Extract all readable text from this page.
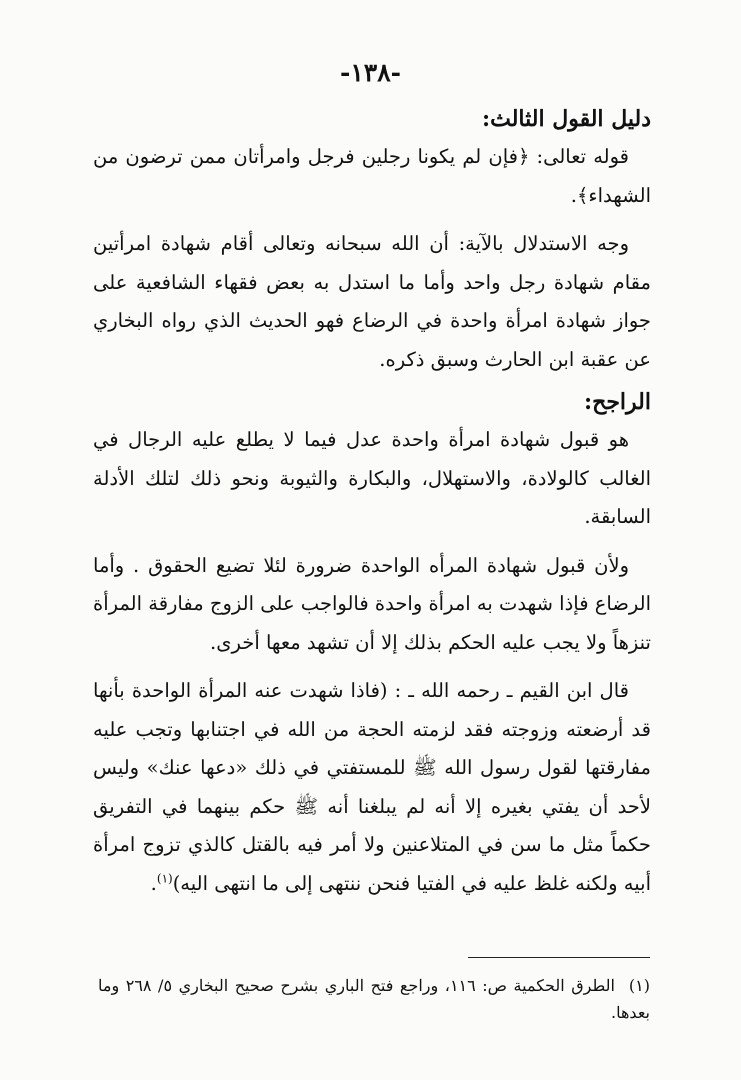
-١٣٨-
دليل القول الثالث:

قوله تعالى: ﴿فإن لم يكونا رجلين فرجل وامرأتان ممن ترضون من الشهداء﴾.

وجه الاستدلال بالآية: أن الله سبحانه وتعالى أقام شهادة امرأتين مقام شهادة رجل واحد وأما ما استدل به بعض فقهاء الشافعية على جواز شهادة امرأة واحدة في الرضاع فهو الحديث الذي رواه البخاري عن عقبة ابن الحارث وسبق ذكره.

الراجح:

هو قبول شهادة امرأة واحدة عدل فيما لا يطلع عليه الرجال في الغالب كالولادة، والاستهلال، والبكارة والثيوبة ونحو ذلك لتلك الأدلة السابقة.

ولأن قبول شهادة المرأه الواحدة ضرورة لئلا تضيع الحقوق . وأما الرضاع فإذا شهدت به امرأة واحدة فالواجب على الزوج مفارقة المرأة تنزهاً ولا يجب عليه الحكم بذلك إلا أن تشهد معها أخرى.

قال ابن القيم ـ رحمه الله ـ : (فاذا شهدت عنه المرأة الواحدة بأنها قد أرضعته وزوجته فقد لزمته الحجة من الله في اجتنابها وتجب عليه مفارقتها لقول رسول الله ﷺ للمستفتي في ذلك «دعها عنك» وليس لأحد أن يفتي بغيره إلا أنه لم يبلغنا أنه ﷺ حكم بينهما في التفريق حكماً مثل ما سن في المتلاعنين ولا أمر فيه بالقتل كالذي تزوج امرأة أبيه ولكنه غلظ عليه في الفتيا فنحن ننتهى إلى ما انتهى اليه)$^{(١)}$.

(١)الطرق الحكمية ص: ١١٦، وراجع فتح الباري بشرح صحيح البخاري ٥/ ٢٦٨ وما بعدها.
